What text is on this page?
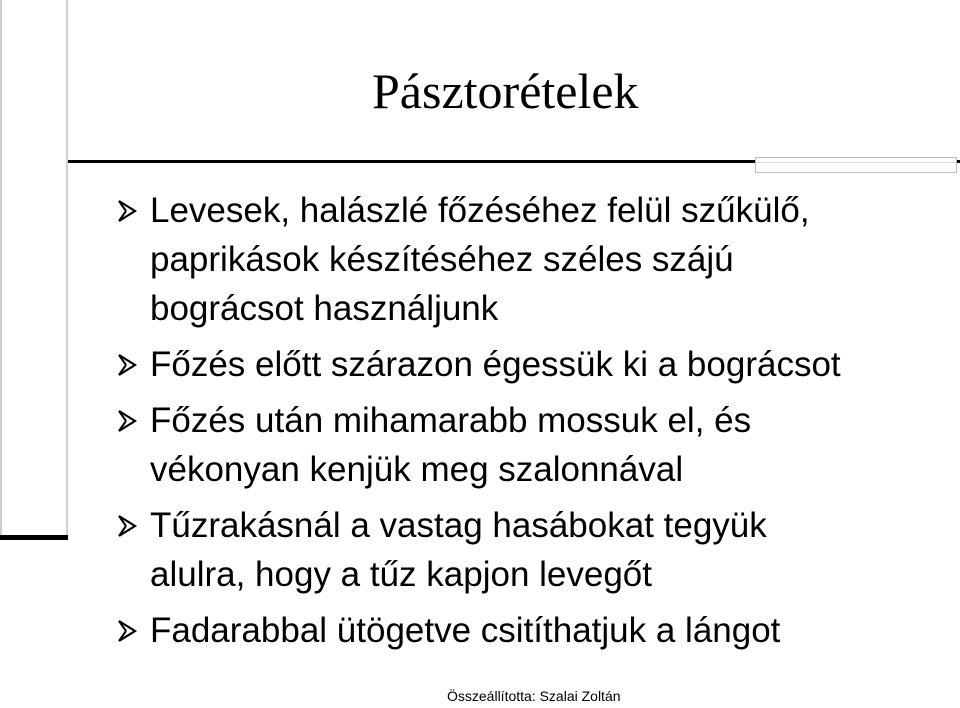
Pásztorételek
Levesek, halászlé főzéséhez felül szűkülő,
paprikások készítéséhez széles szájú
bográcsot használjunk
Főzés előtt szárazon égessük ki a bográcsot
Főzés után mihamarabb mossuk el, és
vékonyan kenjük meg szalonnával
Tűzrakásnál a vastag hasábokat tegyük
alulra, hogy a tűz kapjon levegőt
Fadarabbal ütögetve csitíthatjuk a lángot
Összeállította: Szalai Zoltán
